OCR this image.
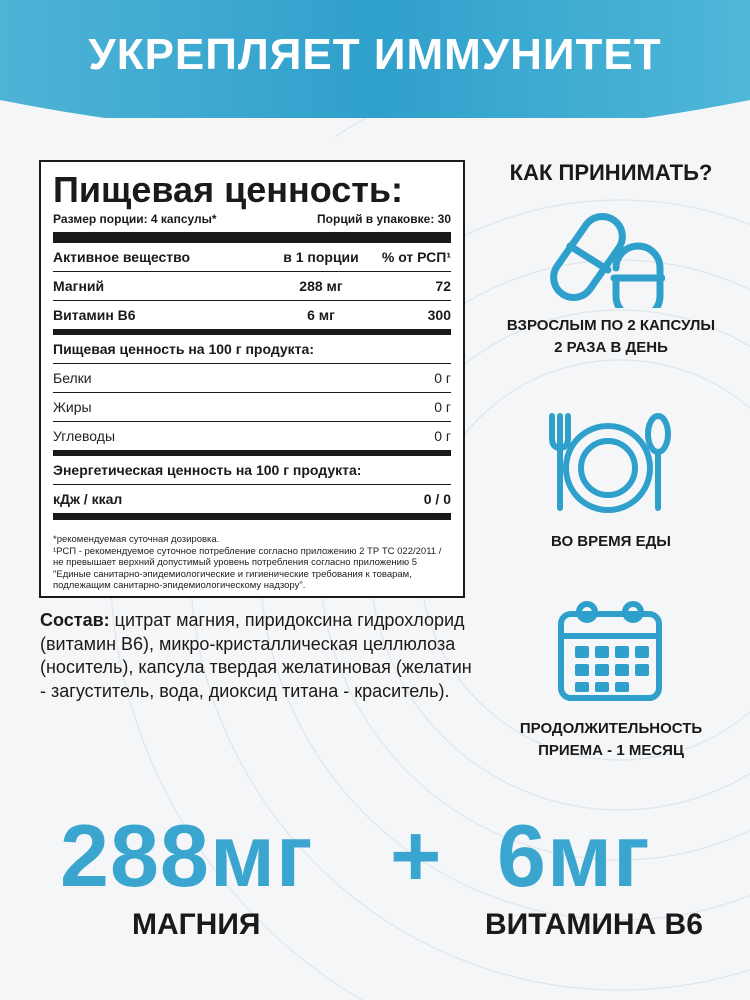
УКРЕПЛЯЕТ ИММУНИТЕТ
Пищевая ценность:
Размер порции: 4 капсулы*	Порций в упаковке: 30
Активное вещество	в 1 порции	% от РСП¹
Магний	288 мг	72
Витамин B6	6 мг	300
Пищевая ценность на 100 г продукта:
Белки	0 г
Жиры	0 г
Углеводы	0 г
Энергетическая ценность на 100 г продукта:
кДж / ккал	0 / 0
*рекомендуемая суточная дозировка.
¹РСП - рекомендуемое суточное потребление согласно приложению 2 ТР ТС 022/2011 /
не превышает верхний допустимый уровень потребления согласно приложению 5
"Единые санитарно-эпидемиологические и гигиенические требования к товарам,
подлежащим санитарно-эпидемиологическому надзору".
Состав: цитрат магния, пиридоксина гидрохлорид (витамин B6), микро-кристаллическая целлюлоза (носитель), капсула твердая желатиновая (желатин - загуститель, вода, диоксид титана - краситель).
КАК ПРИНИМАТЬ?
ВЗРОСЛЫМ ПО 2 КАПСУЛЫ
2 РАЗА В ДЕНЬ
ВО ВРЕМЯ ЕДЫ
ПРОДОЛЖИТЕЛЬНОСТЬ
ПРИЕМА - 1 МЕСЯЦ
288мг + 6мг
МАГНИЯ	ВИТАМИНА B6
